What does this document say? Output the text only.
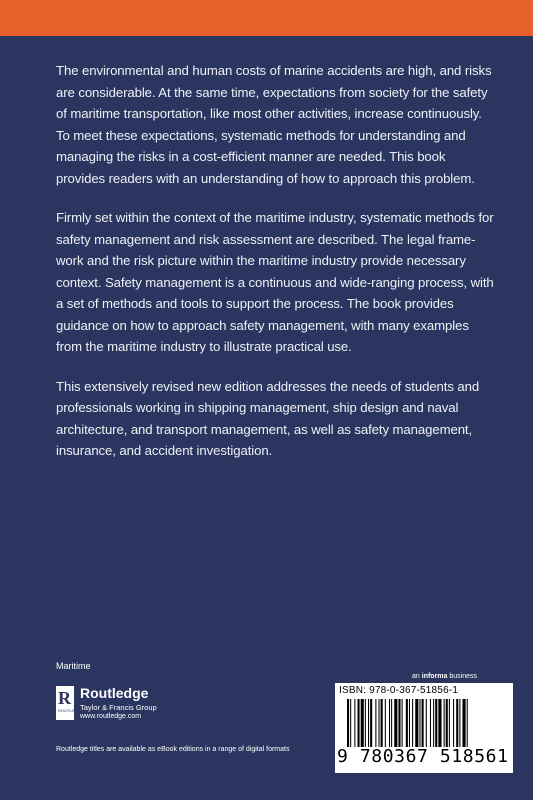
The environmental and human costs of marine accidents are high, and risks are considerable. At the same time, expectations from society for the safety of maritime transportation, like most other activities, increase continuously. To meet these expectations, systematic methods for understanding and managing the risks in a cost-efficient manner are needed. This book provides readers with an understanding of how to approach this problem.

Firmly set within the context of the maritime industry, systematic methods for safety management and risk assessment are described. The legal frame-work and the risk picture within the maritime industry provide necessary context. Safety management is a continuous and wide-ranging process, with a set of methods and tools to support the process. The book provides guidance on how to approach safety management, with many examples from the maritime industry to illustrate practical use.

This extensively revised new edition addresses the needs of students and professionals working in shipping management, ship design and naval architecture, and transport management, as well as safety management, insurance, and accident investigation.

Maritime
R
ROUTLEDGE
Routledge
Taylor & Francis Group
www.routledge.com
Routledge titles are available as eBook editions in a range of digital formats
an informa business
ISBN: 978-0-367-51856-1
9 780367 518561
